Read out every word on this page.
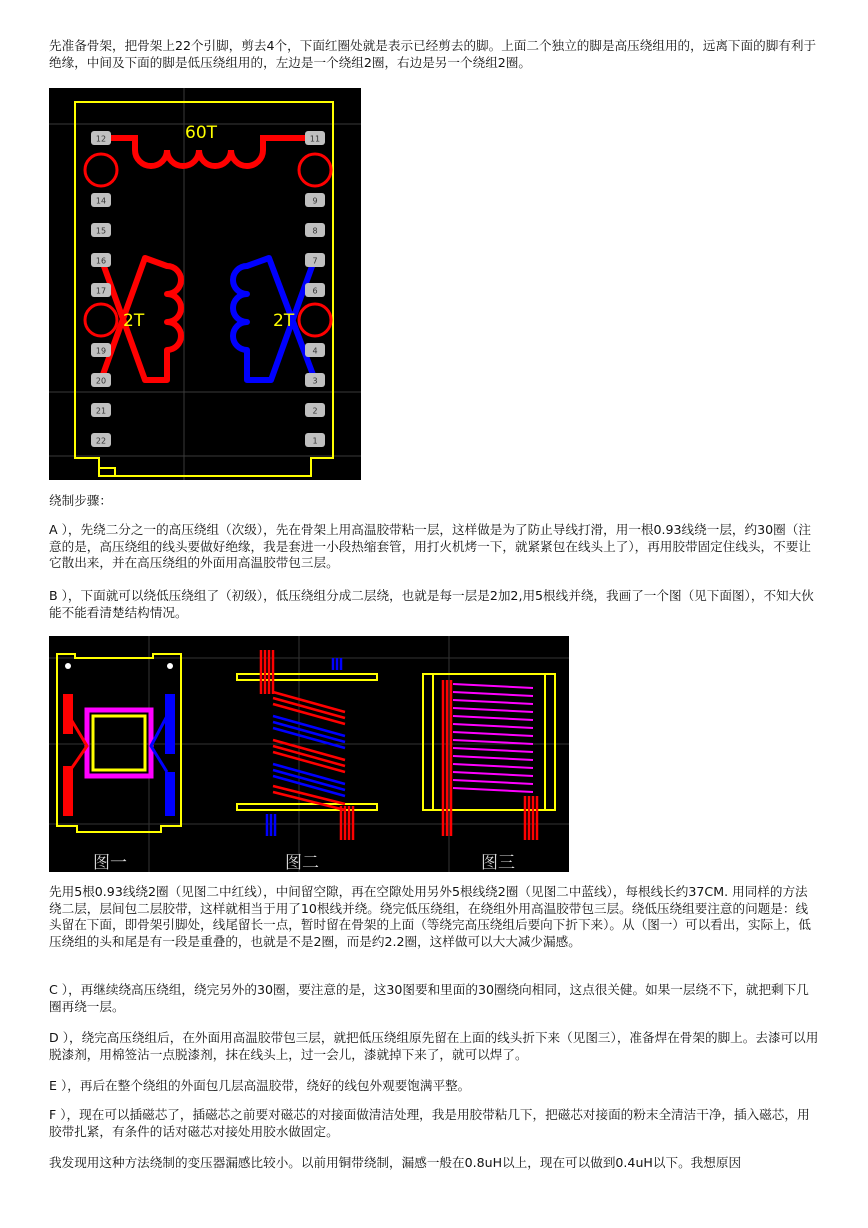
先准备骨架，把骨架上22个引脚，剪去4个，下面红圈处就是表示已经剪去的脚。上面二个独立的脚是高压绕组用的，远离下面的脚有利于绝缘，中间及下面的脚是低压绕组用的，左边是一个绕组2圈，右边是另一个绕组2圈。

60T
2T	2T
12
14
15
16
17
19
20
21
22
11
9
8
7
6
4
3
2
1

绕制步骤：

A ），先绕二分之一的高压绕组（次级），先在骨架上用高温胶带粘一层，这样做是为了防止导线打滑，用一根0.93线绕一层，约30圈（注意的是，高压绕组的线头要做好绝缘，我是套进一小段热缩套管，用打火机烤一下，就紧紧包在线头上了），再用胶带固定住线头，不要让它散出来，并在高压绕组的外面用高温胶带包三层。

B ），下面就可以绕低压绕组了（初级），低压绕组分成二层绕，也就是每一层是2加2,用5根线并绕，我画了一个图（见下面图），不知大伙能不能看清楚结构情况。

图一	图二	图三

先用5根0.93线绕2圈（见图二中红线），中间留空隙，再在空隙处用另外5根线绕2圈（见图二中蓝线），每根线长约37CM. 用同样的方法绕二层，层间包二层胶带，这样就相当于用了10根线并绕。绕完低压绕组，在绕组外用高温胶带包三层。绕低压绕组要注意的问题是：线头留在下面，即骨架引脚处，线尾留长一点，暂时留在骨架的上面（等绕完高压绕组后要向下折下来）。从（图一）可以看出，实际上，低压绕组的头和尾是有一段是重叠的，也就是不是2圈，而是约2.2圈，这样做可以大大减少漏感。

C ），再继续绕高压绕组，绕完另外的30圈，要注意的是，这30图要和里面的30圈绕向相同，这点很关健。如果一层绕不下，就把剩下几圈再绕一层。

D ），绕完高压绕组后，在外面用高温胶带包三层，就把低压绕组原先留在上面的线头折下来（见图三），准备焊在骨架的脚上。去漆可以用脱漆剂，用棉签沾一点脱漆剂，抹在线头上，过一会儿，漆就掉下来了，就可以焊了。

E ），再后在整个绕组的外面包几层高温胶带，绕好的线包外观要饱满平整。

F ），现在可以插磁芯了，插磁芯之前要对磁芯的对接面做清洁处理，我是用胶带粘几下，把磁芯对接面的粉末全清洁干净，插入磁芯，用胶带扎紧，有条件的话对磁芯对接处用胶水做固定。

我发现用这种方法绕制的变压器漏感比较小。以前用铜带绕制，漏感一般在0.8uH以上，现在可以做到0.4uH以下。我想原因
